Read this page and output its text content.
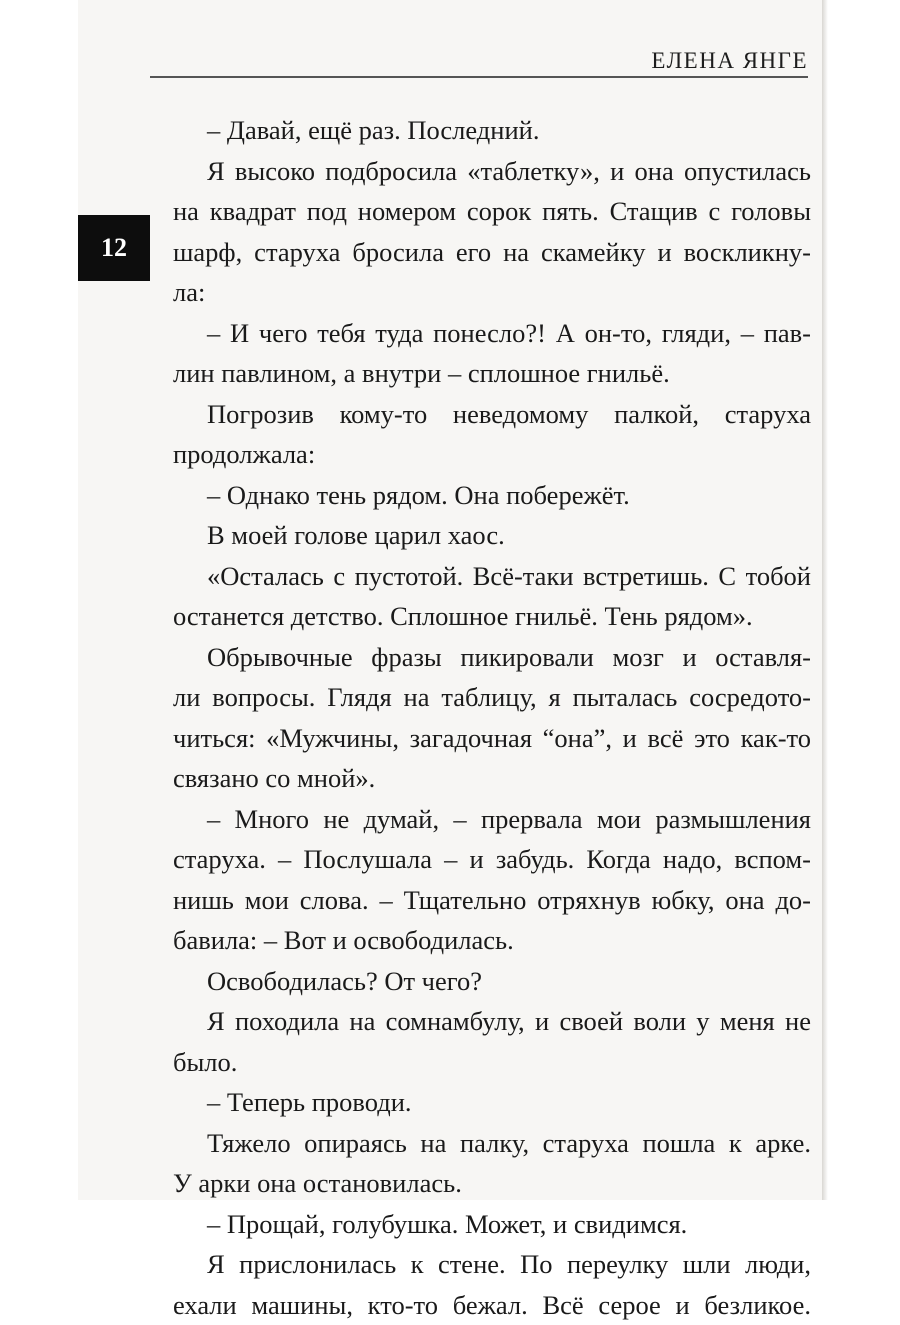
ЕЛЕНА ЯНГЕ
12
– Давай, ещё раз. Последний.
Я высоко подбросила «таблетку», и она опустилась
на квадрат под номером сорок пять. Стащив с головы
шарф, старуха бросила его на скамейку и воскликну-
ла:
– И чего тебя туда понесло?! А он-то, гляди, – пав-
лин павлином, а внутри – сплошное гнильё.
Погрозив кому-то неведомому палкой, старуха
продолжала:
– Однако тень рядом. Она побережёт.
В моей голове царил хаос.
«Осталась с пустотой. Всё-таки встретишь. С тобой
останется детство. Сплошное гнильё. Тень рядом».
Обрывочные фразы пикировали мозг и оставля-
ли вопросы. Глядя на таблицу, я пыталась сосредото-
читься: «Мужчины, загадочная “она”, и всё это как-то
связано со мной».
– Много не думай, – прервала мои размышления
старуха. – Послушала – и забудь. Когда надо, вспом-
нишь мои слова. – Тщательно отряхнув юбку, она до-
бавила: – Вот и освободилась.
Освободилась? От чего?
Я походила на сомнамбулу, и своей воли у меня не
было.
– Теперь проводи.
Тяжело опираясь на палку, старуха пошла к арке.
У арки она остановилась.
– Прощай, голубушка. Может, и свидимся.
Я прислонилась к стене. По переулку шли люди,
ехали машины, кто-то бежал. Всё серое и безликое.
